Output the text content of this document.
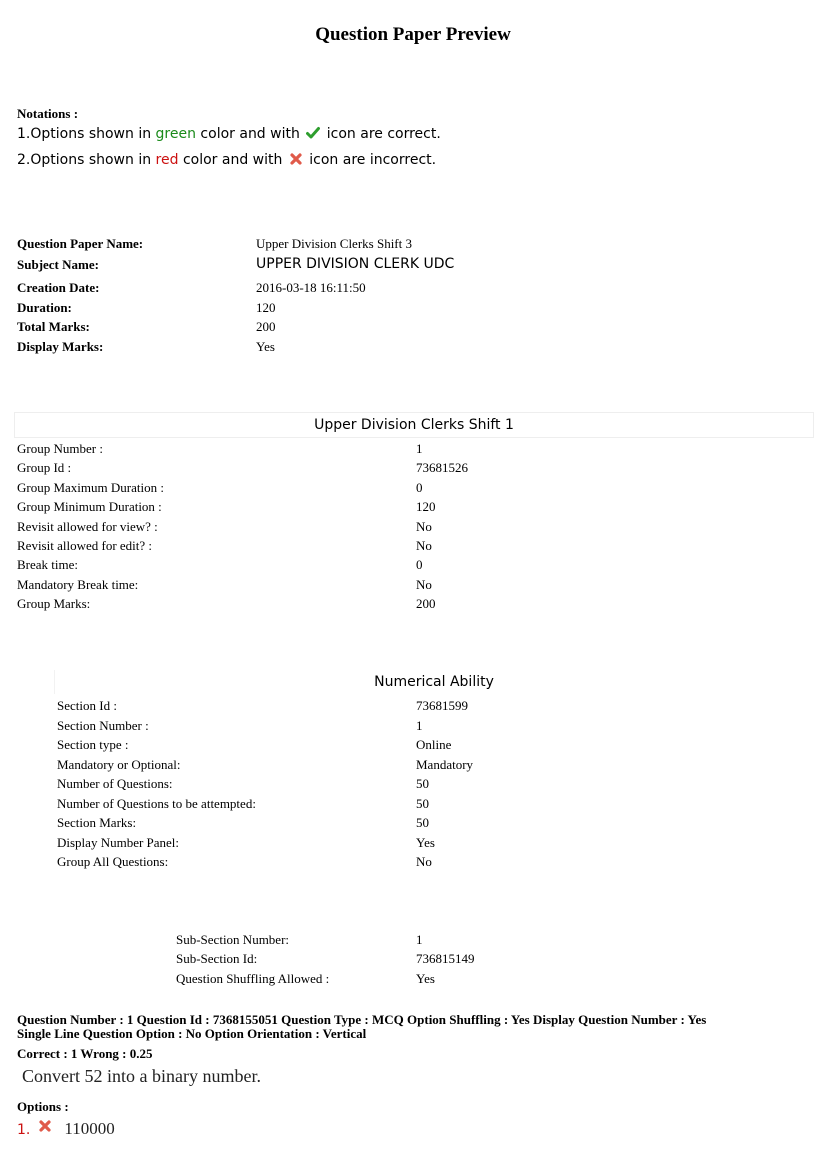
Question Paper Preview
Notations :
1.Options shown in green color and with  icon are correct.
2.Options shown in red color and with  icon are incorrect.
Question Paper Name:	Upper Division Clerks Shift 3
Subject Name:	UPPER DIVISION CLERK UDC
Creation Date:	2016-03-18 16:11:50
Duration:	120
Total Marks:	200
Display Marks:	Yes
Upper Division Clerks Shift 1
Group Number :	1
Group Id :	73681526
Group Maximum Duration :	0
Group Minimum Duration :	120
Revisit allowed for view? :	No
Revisit allowed for edit? :	No
Break time:	0
Mandatory Break time:	No
Group Marks:	200
Numerical Ability
Section Id :	73681599
Section Number :	1
Section type :	Online
Mandatory or Optional:	Mandatory
Number of Questions:	50
Number of Questions to be attempted:	50
Section Marks:	50
Display Number Panel:	Yes
Group All Questions:	No
Sub-Section Number:	1
Sub-Section Id:	736815149
Question Shuffling Allowed :	Yes
Question Number : 1 Question Id : 7368155051 Question Type : MCQ Option Shuffling : Yes Display Question Number : Yes
Single Line Question Option : No Option Orientation : Vertical
Correct : 1 Wrong : 0.25
Convert 52 into a binary number.
Options :
1. 110000
